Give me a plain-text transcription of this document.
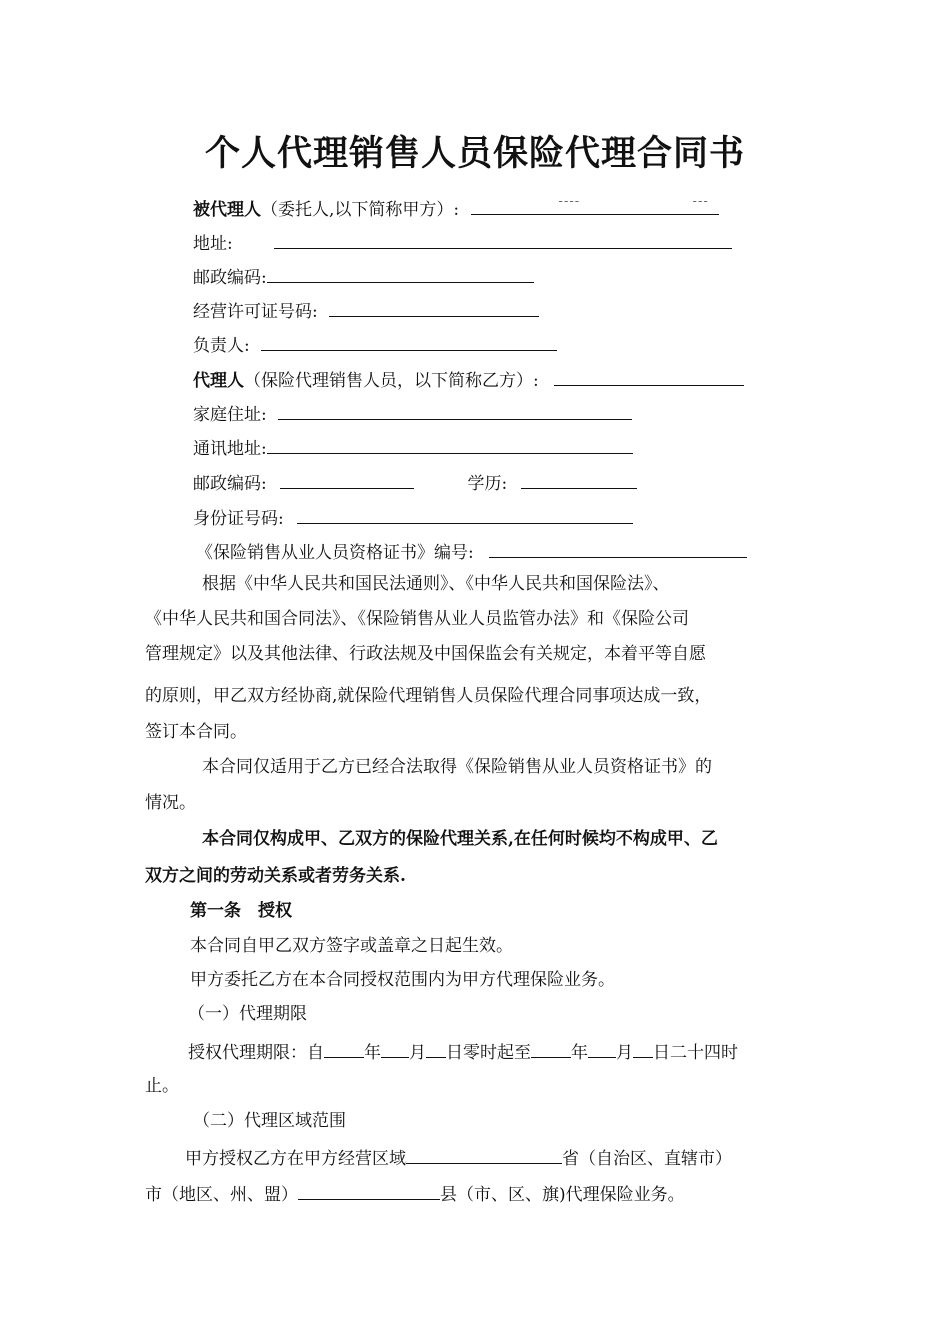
个人代理销售人员保险代理合同书
被代理人（委托人,以下简称甲方）:	----	---
地址:
邮政编码:
经营许可证号码:
负责人:
代理人（保险代理销售人员，以下简称乙方）:
家庭住址:
通讯地址:
邮政编码:	学历:
身份证号码:
《保险销售从业人员资格证书》编号:
根据《中华人民共和国民法通则》、《中华人民共和国保险法》、
《中华人民共和国合同法》、《保险销售从业人员监管办法》和《保险公司
管理规定》以及其他法律、行政法规及中国保监会有关规定，本着平等自愿
的原则，甲乙双方经协商,就保险代理销售人员保险代理合同事项达成一致，
签订本合同。
本合同仅适用于乙方已经合法取得《保险销售从业人员资格证书》的
情况。
本合同仅构成甲、乙双方的保险代理关系,在任何时候均不构成甲、乙
双方之间的劳动关系或者劳务关系.
第一条　授权
本合同自甲乙双方签字或盖章之日起生效。
甲方委托乙方在本合同授权范围内为甲方代理保险业务。
（一）代理期限
授权代理期限：自 年 月 日零时起至 年 月 日二十四时
止。
（二）代理区域范围
甲方授权乙方在甲方经营区域	省（自治区、直辖市）
市（地区、州、盟）	县（市、区、旗)代理保险业务。
